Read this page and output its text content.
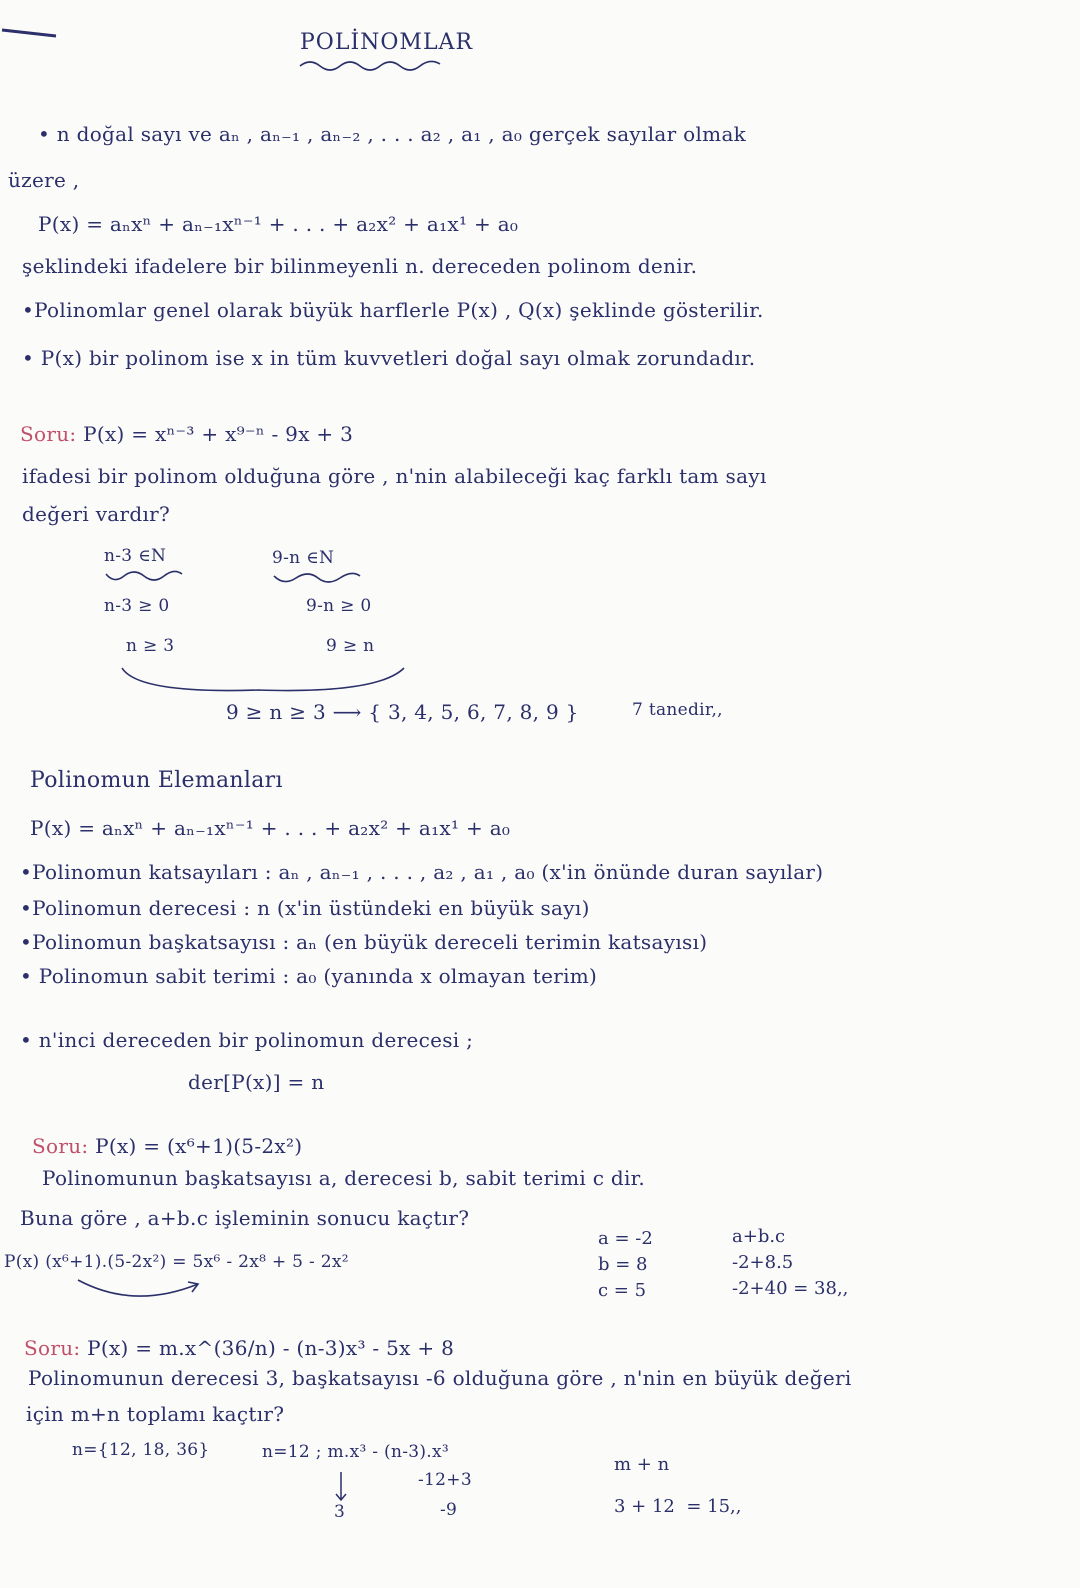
POLİNOMLAR
• n doğal sayı ve aₙ , aₙ₋₁ , aₙ₋₂ , . . . a₂ , a₁ , a₀ gerçek sayılar olmak
üzere ,
P(x) = aₙxⁿ + aₙ₋₁xⁿ⁻¹ + . . . + a₂x² + a₁x¹ + a₀
şeklindeki ifadelere bir bilinmeyenli n. dereceden polinom denir.
•Polinomlar genel olarak büyük harflerle P(x) , Q(x) şeklinde gösterilir.
• P(x) bir polinom ise x in tüm kuvvetleri doğal sayı olmak zorundadır.
Soru: P(x) = xⁿ⁻³ + x⁹⁻ⁿ - 9x + 3
ifadesi bir polinom olduğuna göre , n'nin alabileceği kaç farklı tam sayı
değeri vardır?
n-3 ∈N
n-3 ≥ 0
n ≥ 3
9-n ∈N
9-n ≥ 0
9 ≥ n
9 ≥ n ≥ 3 ⟶ { 3, 4, 5, 6, 7, 8, 9 }	7 tanedir,,
Polinomun Elemanları
P(x) = aₙxⁿ + aₙ₋₁xⁿ⁻¹ + . . . + a₂x² + a₁x¹ + a₀
•Polinomun katsayıları : aₙ , aₙ₋₁ , . . . , a₂ , a₁ , a₀ (x'in önünde duran sayılar)
•Polinomun derecesi : n (x'in üstündeki en büyük sayı)
•Polinomun başkatsayısı : aₙ (en büyük dereceli terimin katsayısı)
• Polinomun sabit terimi : a₀ (yanında x olmayan terim)
• n'inci dereceden bir polinomun derecesi ;
der[P(x)] = n
Soru: P(x) = (x⁶+1)(5-2x²)
Polinomunun başkatsayısı a, derecesi b, sabit terimi c dir.
Buna göre , a+b.c işleminin sonucu kaçtır?
P(x) (x⁶+1).(5-2x²) = 5x⁶ - 2x⁸ + 5 - 2x²
a = -2
b = 8
c = 5
a+b.c
-2+8.5
-2+40 = 38,,
Soru: P(x) = m.x^(36/n) - (n-3)x³ - 5x + 8
Polinomunun derecesi 3, başkatsayısı -6 olduğuna göre , n'nin en büyük değeri
için m+n toplamı kaçtır?
n={12, 18, 36}	n=12 ; m.x³ - (n-3).x³
-12+3
-9
3
m + n
3 + 12  = 15,,
